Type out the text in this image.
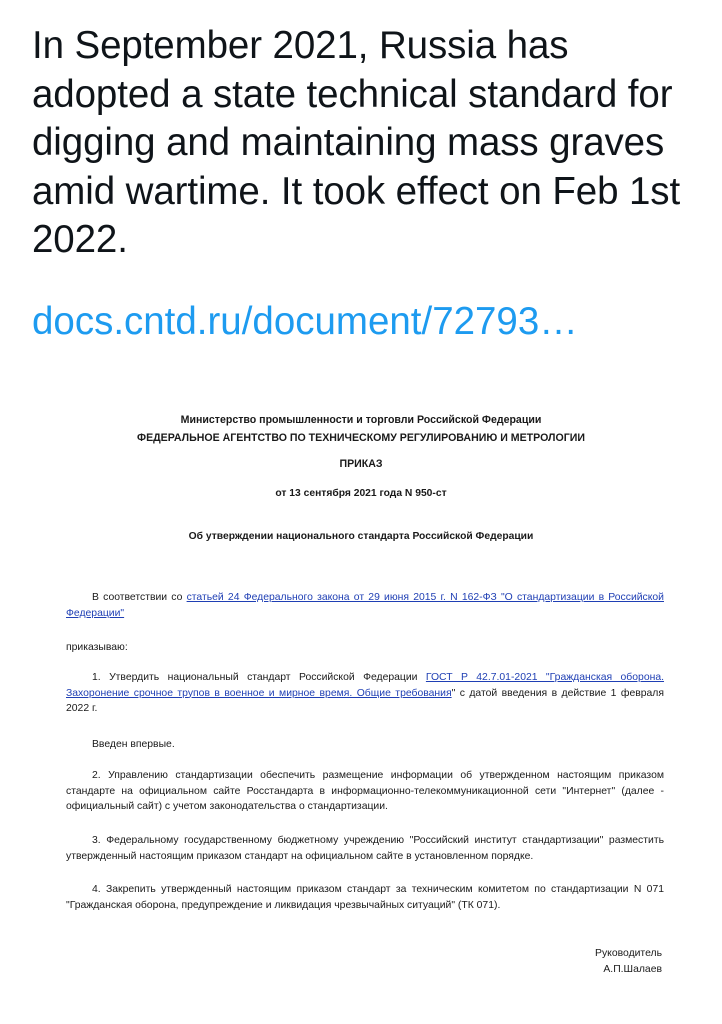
In September 2021, Russia has adopted a state technical standard for digging and maintaining mass graves amid wartime. It took effect on Feb 1st 2022.

docs.cntd.ru/document/72793…
Министерство промышленности и торговли Российской Федерации
ФЕДЕРАЛЬНОЕ АГЕНТСТВО ПО ТЕХНИЧЕСКОМУ РЕГУЛИРОВАНИЮ И МЕТРОЛОГИИ
ПРИКАЗ
от 13 сентября 2021 года N 950-ст
Об утверждении национального стандарта Российской Федерации

В соответствии со статьей 24 Федерального закона от 29 июня 2015 г. N 162-ФЗ "О стандартизации в Российской Федерации"

приказываю:

1. Утвердить национальный стандарт Российской Федерации ГОСТ Р 42.7.01-2021 "Гражданская оборона. Захоронение срочное трупов в военное и мирное время. Общие требования" с датой введения в действие 1 февраля 2022 г.

Введен впервые.

2. Управлению стандартизации обеспечить размещение информации об утвержденном настоящим приказом стандарте на официальном сайте Росстандарта в информационно-телекоммуникационной сети "Интернет" (далее - официальный сайт) с учетом законодательства о стандартизации.

3. Федеральному государственному бюджетному учреждению "Российский институт стандартизации" разместить утвержденный настоящим приказом стандарт на официальном сайте в установленном порядке.

4. Закрепить утвержденный настоящим приказом стандарт за техническим комитетом по стандартизации N 071 "Гражданская оборона, предупреждение и ликвидация чрезвычайных ситуаций" (ТК 071).

Руководитель
А.П.Шалаев
